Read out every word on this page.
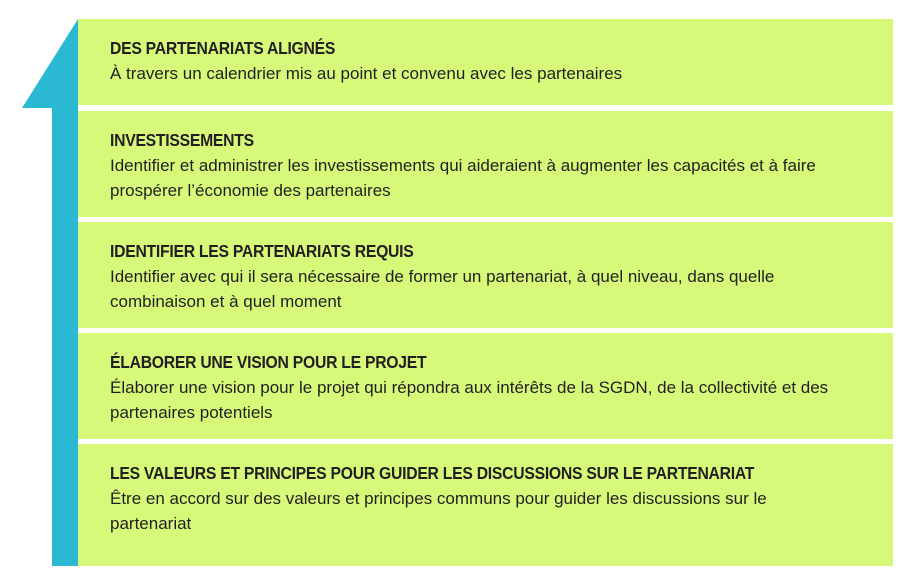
DES PARTENARIATS ALIGNÉS
À travers un calendrier mis au point et convenu avec les partenaires
INVESTISSEMENTS
Identifier et administrer les investissements qui aideraient à augmenter les capacités et à faire prospérer l’économie des partenaires
IDENTIFIER LES PARTENARIATS REQUIS
Identifier avec qui il sera nécessaire de former un partenariat, à quel niveau, dans quelle combinaison et à quel moment
ÉLABORER UNE VISION POUR LE PROJET
Élaborer une vision pour le projet qui répondra aux intérêts de la SGDN, de la collectivité et des partenaires potentiels
LES VALEURS ET PRINCIPES POUR GUIDER LES DISCUSSIONS SUR LE PARTENARIAT
Être en accord sur des valeurs et principes communs pour guider les discussions sur le partenariat
